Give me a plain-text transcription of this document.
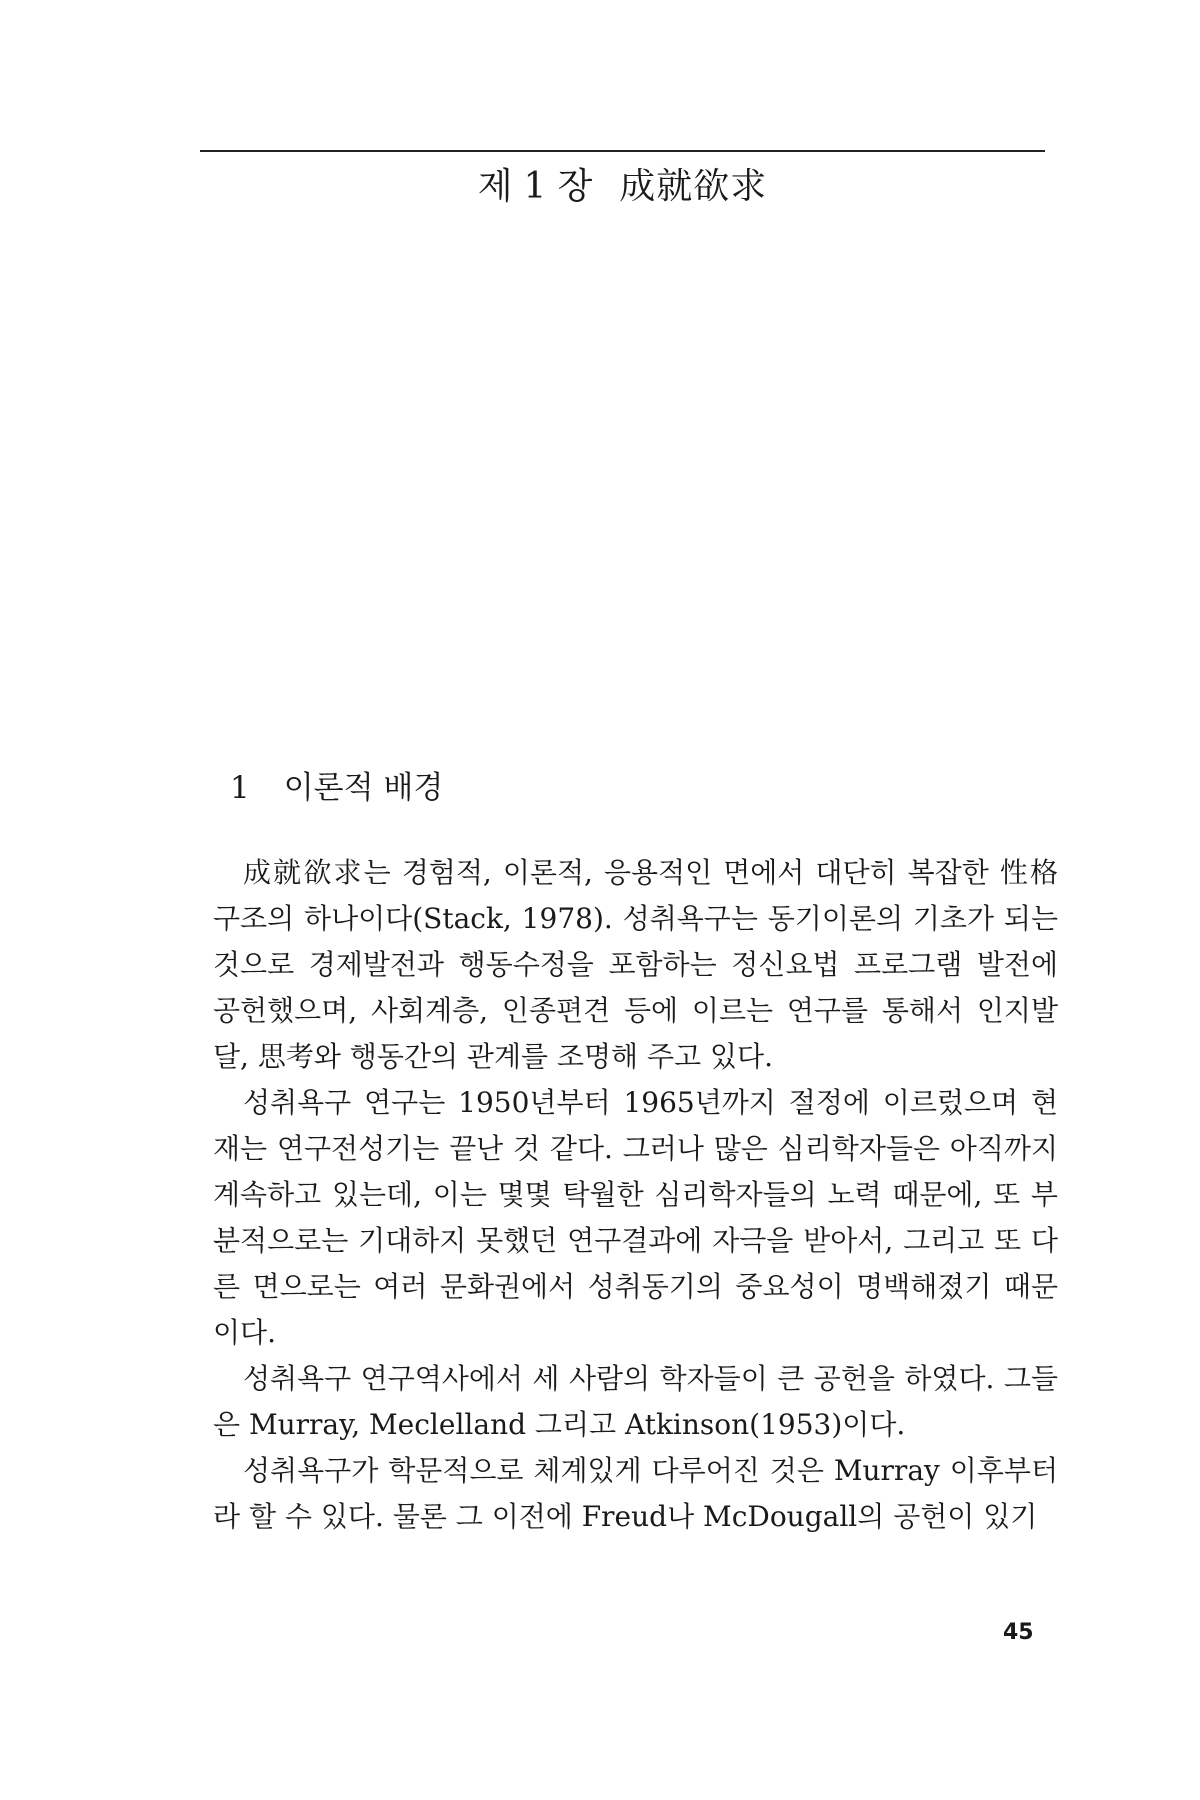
제 1 장 成就欲求
1 이론적 배경

成就欲求는 경험적, 이론적, 응용적인 면에서 대단히 복잡한 性格구조의 하나이다(Stack, 1978). 성취욕구는 동기이론의 기초가 되는 것으로 경제발전과 행동수정을 포함하는 정신요법 프로그램 발전에 공헌했으며, 사회계층, 인종편견 등에 이르는 연구를 통해서 인지발달, 思考와 행동간의 관계를 조명해 주고 있다.

성취욕구 연구는 1950년부터 1965년까지 절정에 이르렀으며 현재는 연구전성기는 끝난 것 같다. 그러나 많은 심리학자들은 아직까지 계속하고 있는데, 이는 몇몇 탁월한 심리학자들의 노력 때문에, 또 부분적으로는 기대하지 못했던 연구결과에 자극을 받아서, 그리고 또 다른 면으로는 여러 문화권에서 성취동기의 중요성이 명백해졌기 때문이다.

성취욕구 연구역사에서 세 사람의 학자들이 큰 공헌을 하였다. 그들은 Murray, Meclelland 그리고 Atkinson(1953)이다.

성취욕구가 학문적으로 체계있게 다루어진 것은 Murray 이후부터라 할 수 있다. 물론 그 이전에 Freud나 McDougall의 공헌이 있기

45
